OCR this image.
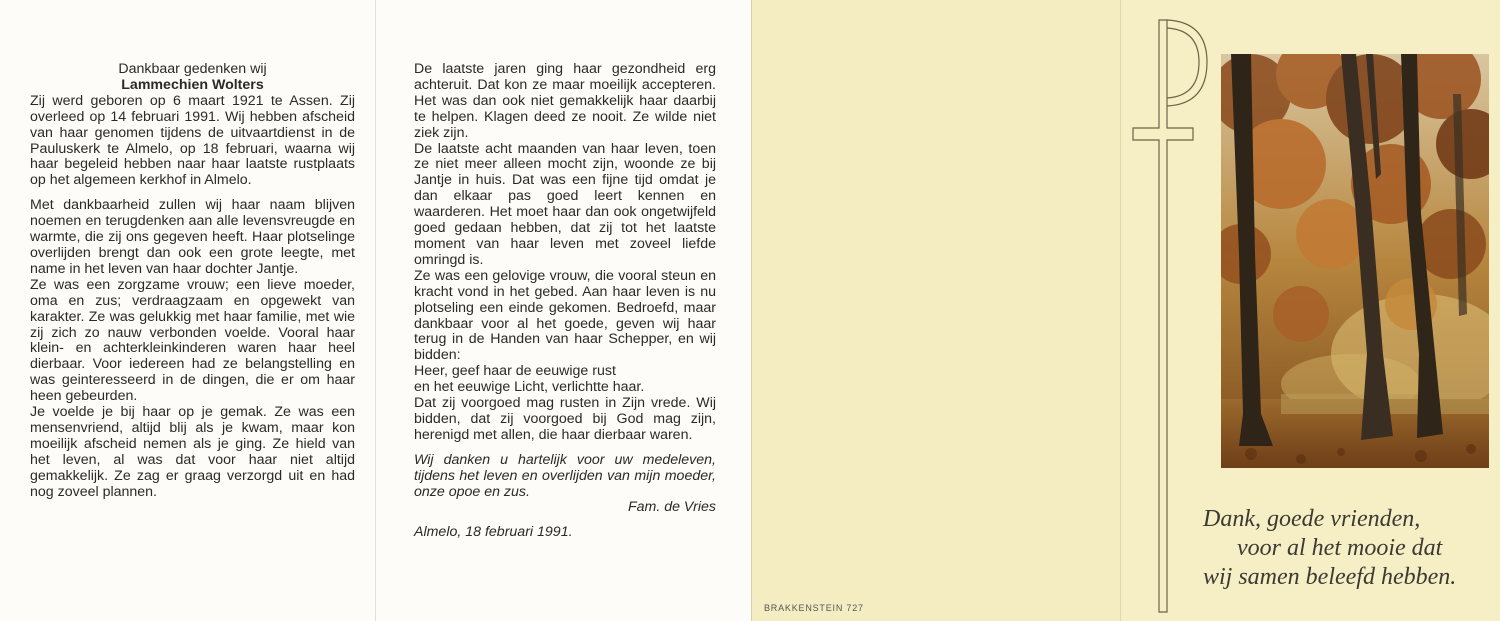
Dankbaar gedenken wij

Lammechien Wolters

Zij werd geboren op 6 maart 1921 te Assen. Zij overleed op 14 februari 1991. Wij hebben afscheid van haar genomen tijdens de uitvaartdienst in de Pauluskerk te Almelo, op 18 februari, waarna wij haar begeleid hebben naar haar laatste rustplaats op het algemeen kerkhof in Almelo.

Met dankbaarheid zullen wij haar naam blijven noemen en terugdenken aan alle levensvreugde en warmte, die zij ons gegeven heeft. Haar plotselinge overlijden brengt dan ook een grote leegte, met name in het leven van haar dochter Jantje.

Ze was een zorgzame vrouw; een lieve moeder, oma en zus; verdraagzaam en opgewekt van karakter. Ze was gelukkig met haar familie, met wie zij zich zo nauw verbonden voelde. Vooral haar klein- en achterkleinkinderen waren haar heel dierbaar. Voor iedereen had ze belangstelling en was geinteresseerd in de dingen, die er om haar heen gebeurden.

Je voelde je bij haar op je gemak. Ze was een mensenvriend, altijd blij als je kwam, maar kon moeilijk afscheid nemen als je ging. Ze hield van het leven, al was dat voor haar niet altijd gemakkelijk. Ze zag er graag verzorgd uit en had nog zoveel plannen.

De laatste jaren ging haar gezondheid erg achteruit. Dat kon ze maar moeilijk accepteren. Het was dan ook niet gemakkelijk haar daarbij te helpen. Klagen deed ze nooit. Ze wilde niet ziek zijn.

De laatste acht maanden van haar leven, toen ze niet meer alleen mocht zijn, woonde ze bij Jantje in huis. Dat was een fijne tijd omdat je dan elkaar pas goed leert kennen en waarderen. Het moet haar dan ook ongetwijfeld goed gedaan hebben, dat zij tot het laatste moment van haar leven met zoveel liefde omringd is.

Ze was een gelovige vrouw, die vooral steun en kracht vond in het gebed. Aan haar leven is nu plotseling een einde gekomen. Bedroefd, maar dankbaar voor al het goede, geven wij haar terug in de Handen van haar Schepper, en wij bidden:

Heer, geef haar de eeuwige rust

en het eeuwige Licht, verlichtte haar.

Dat zij voorgoed mag rusten in Zijn vrede. Wij bidden, dat zij voorgoed bij God mag zijn, herenigd met allen, die haar dierbaar waren.

Wij danken u hartelijk voor uw medeleven, tijdens het leven en overlijden van mijn moeder, onze opoe en zus.

Fam. de Vries

Almelo, 18 februari 1991.

BRAKKENSTEIN 727
Dank, goede vrienden,
voor al het mooie dat
wij samen beleefd hebben.
